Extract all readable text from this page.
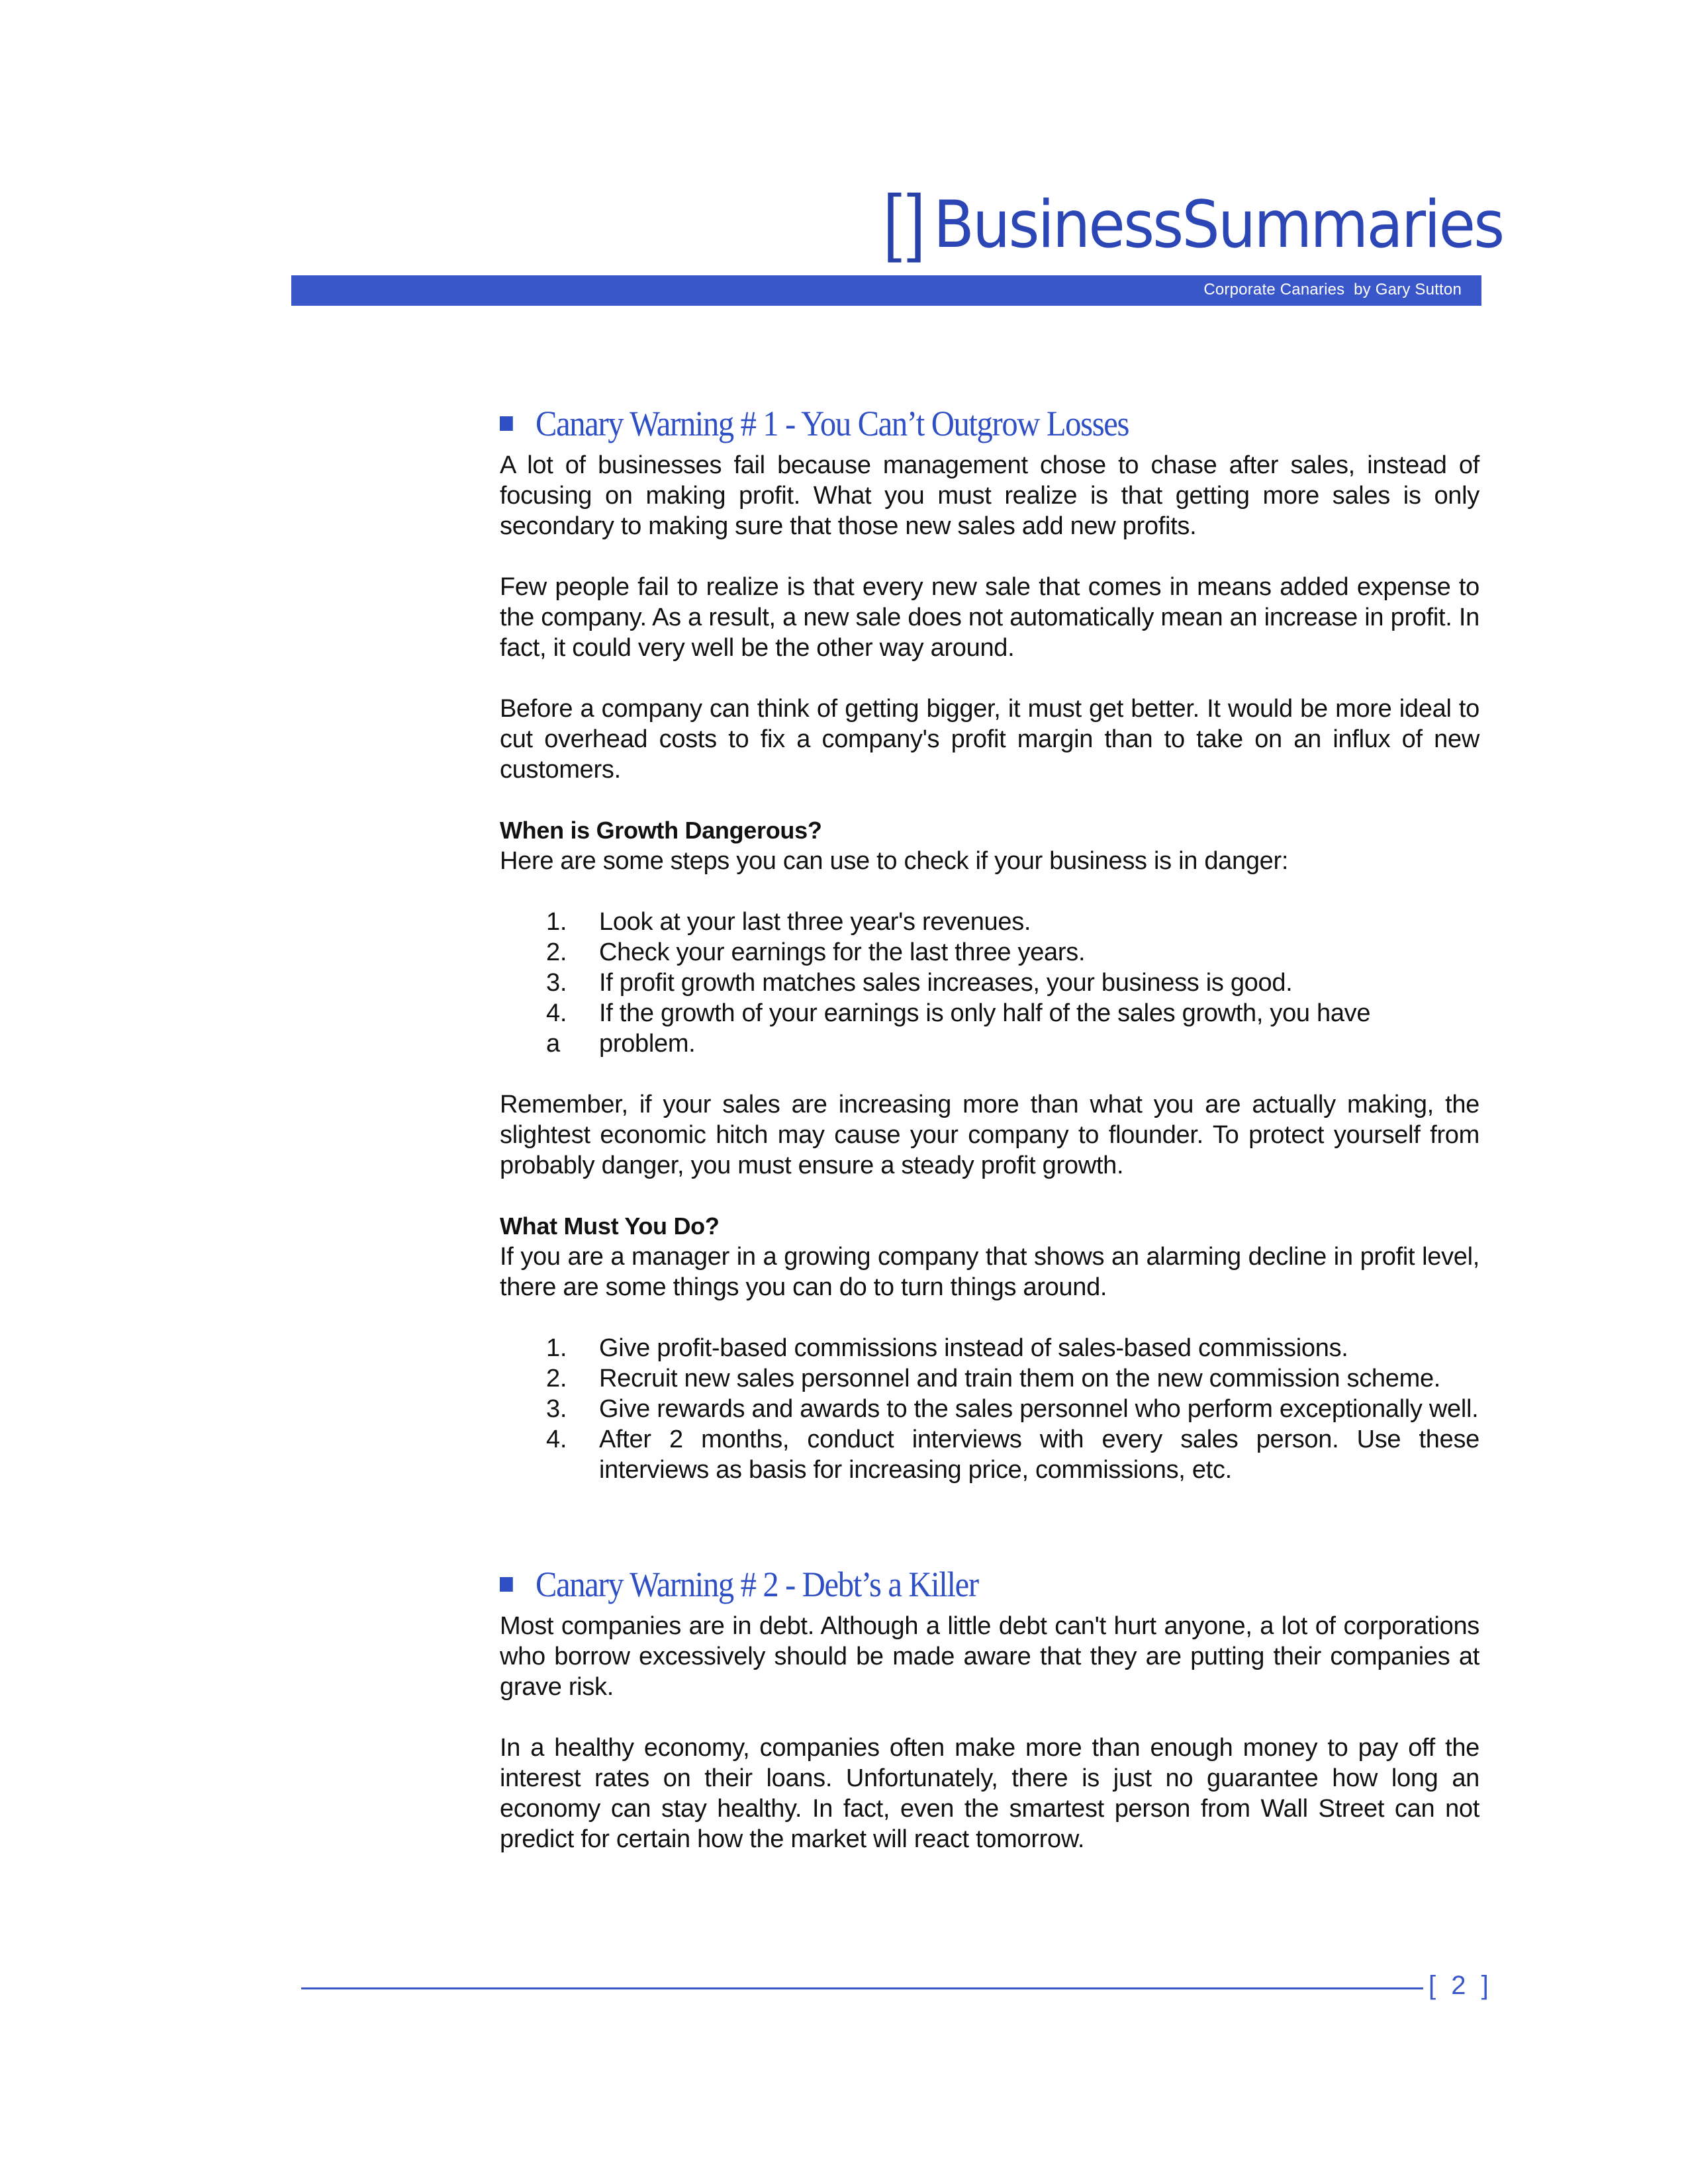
[
] BusinessSummaries
Corporate Canaries  by Gary Sutton
Canary Warning # 1 - You Can’t Outgrow Losses

A lot of businesses fail because management chose to chase after sales, instead of focusing on making profit. What you must realize is that getting more sales is only secondary to making sure that those new sales add new profits.

Few people fail to realize is that every new sale that comes in means added expense to the company. As a result, a new sale does not automatically mean an increase in profit. In fact, it could very well be the other way around.

Before a company can think of getting bigger, it must get better. It would be more ideal to cut overhead costs to fix a company's profit margin than to take on an influx of new customers.

When is Growth Dangerous?

Here are some steps you can use to check if your business is in danger:

1.	Look at your last three year's revenues.
2.	Check your earnings for the last three years.
3.	If profit growth matches sales increases, your business is good.
4.	If the growth of your earnings is only half of the sales growth, you have
a	problem.

Remember, if your sales are increasing more than what you are actually making, the slightest economic hitch may cause your company to flounder. To protect yourself from probably danger, you must ensure a steady profit growth.

What Must You Do?

If you are a manager in a growing company that shows an alarming decline in profit level, there are some things you can do to turn things around.

1.	Give profit-based commissions instead of sales-based commissions.
2.	Recruit new sales personnel and train them on the new commission scheme.
3.	Give rewards and awards to the sales personnel who perform exceptionally well.
4.	After 2 months, conduct interviews with every sales person. Use these interviews as basis for increasing price, commissions, etc.
Canary Warning # 2 - Debt’s a Killer

Most companies are in debt. Although a little debt can't hurt anyone, a lot of corporations who borrow excessively should be made aware that they are putting their companies at grave risk.

In a healthy economy, companies often make more than enough money to pay off the interest rates on their loans. Unfortunately, there is just no guarantee how long an economy can stay healthy. In fact, even the smartest person from Wall Street can not predict for certain how the market will react tomorrow.

[ 2 ]
